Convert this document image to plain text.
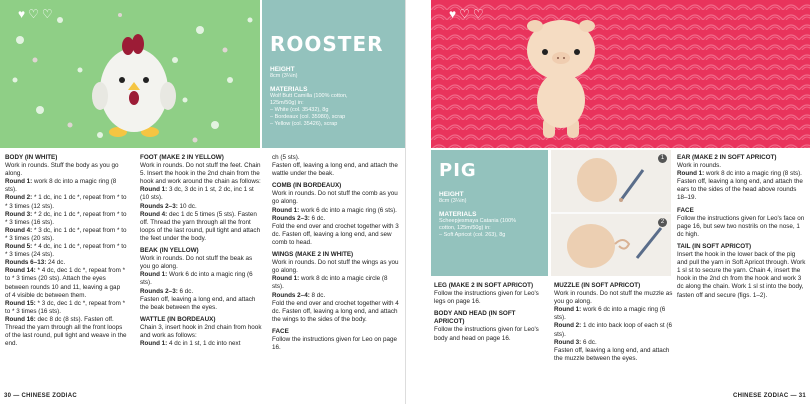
♥ ♡ ♡
ROOSTER
HEIGHT
8cm (3¼in)
MATERIALS
Wolf Butt Camilla (100% cotton,
125m/50g) in:
– White (col. 35432), 8g
– Bordeaux (col. 35980), scrap
– Yellow (col. 35426), scrap
BODY (IN WHITE)
Work in rounds. Stuff the body as you go along.
Round 1: work 8 dc into a magic ring (8 sts).
Round 2: * 1 dc, inc 1 dc *, repeat from * to * 3 times (12 sts).
Round 3: * 2 dc, inc 1 dc *, repeat from * to * 3 times (16 sts).
Round 4: * 3 dc, inc 1 dc *, repeat from * to * 3 times (20 sts).
Round 5: * 4 dc, inc 1 dc *, repeat from * to * 3 times (24 sts).
Rounds 6–13: 24 dc.
Round 14: * 4 dc, dec 1 dc *, repeat from * to * 3 times (20 sts). Attach the eyes between rounds 10 and 11, leaving a gap of 4 visible dc between them.
Round 15: * 3 dc, dec 1 dc *, repeat from * to * 3 times (16 sts).
Round 16: dec 8 dc (8 sts). Fasten off. Thread the yarn through all the front loops of the last round, pull tight and weave in the end.
FOOT (MAKE 2 IN YELLOW)
Work in rounds. Do not stuff the feet. Chain 5. Insert the hook in the 2nd chain from the hook and work around the chain as follows:
Round 1: 3 dc, 3 dc in 1 st, 2 dc, inc 1 st (10 sts).
Rounds 2–3: 10 dc.
Round 4: dec 1 dc 5 times (5 sts). Fasten off. Thread the yarn through all the front loops of the last round, pull tight and attach the feet under the body.
BEAK (IN YELLOW)
Work in rounds. Do not stuff the beak as you go along.
Round 1: Work 6 dc into a magic ring (6 sts).
Rounds 2–3: 6 dc.
Fasten off, leaving a long end, and attach the beak between the eyes.
WATTLE (IN BORDEAUX)
Chain 3, insert hook in 2nd chain from hook and work as follows:
Round 1: 4 dc in 1 st, 1 dc into next
ch (5 sts).
Fasten off, leaving a long end, and attach the wattle under the beak.
COMB (IN BORDEAUX)
Work in rounds. Do not stuff the comb as you go along.
Round 1: work 6 dc into a magic ring (6 sts).
Rounds 2–3: 6 dc.
Fold the end over and crochet together with 3 dc. Fasten off, leaving a long end, and sew comb to head.
WINGS (MAKE 2 IN WHITE)
Work in rounds. Do not stuff the wings as you go along.
Round 1: work 8 dc into a magic circle (8 sts).
Rounds 2–4: 8 dc.
Fold the end over and crochet together with 4 dc. Fasten off, leaving a long end, and attach the wings to the sides of the body.
FACE
Follow the instructions given for Leo on page 16.
30 — CHINESE ZODIAC
♥ ♡ ♡
PIG
HEIGHT
8cm (3¼in)
MATERIALS
Scheepjesmaya Catania (100%
cotton, 125m/50g) in:
– Soft Apricot (col. 263), 8g
1
2
LEG (MAKE 2 IN SOFT APRICOT)
Follow the instructions given for Leo's legs on page 16.
BODY AND HEAD (IN SOFT APRICOT)
Follow the instructions given for Leo's body and head on page 16.
MUZZLE (IN SOFT APRICOT)
Work in rounds. Do not stuff the muzzle as you go along.
Round 1: work 6 dc into a magic ring (6 sts).
Round 2: 1 dc into back loop of each st (6 sts).
Round 3: 6 dc.
Fasten off, leaving a long end, and attach the muzzle between the eyes.
EAR (MAKE 2 IN SOFT APRICOT)
Work in rounds.
Round 1: work 8 dc into a magic ring (8 sts).
Fasten off, leaving a long end, and attach the ears to the sides of the head above rounds 18–19.
FACE
Follow the instructions given for Leo's face on page 16, but sew two nostrils on the nose, 1 dc high.
TAIL (IN SOFT APRICOT)
Insert the hook in the lower back of the pig and pull the yarn in Soft Apricot through. Work 1 sl st to secure the yarn. Chain 4, insert the hook in the 2nd ch from the hook and work 3 dc along the chain. Work 1 sl st into the body, fasten off and secure (figs. 1–2).
CHINESE ZODIAC — 31
